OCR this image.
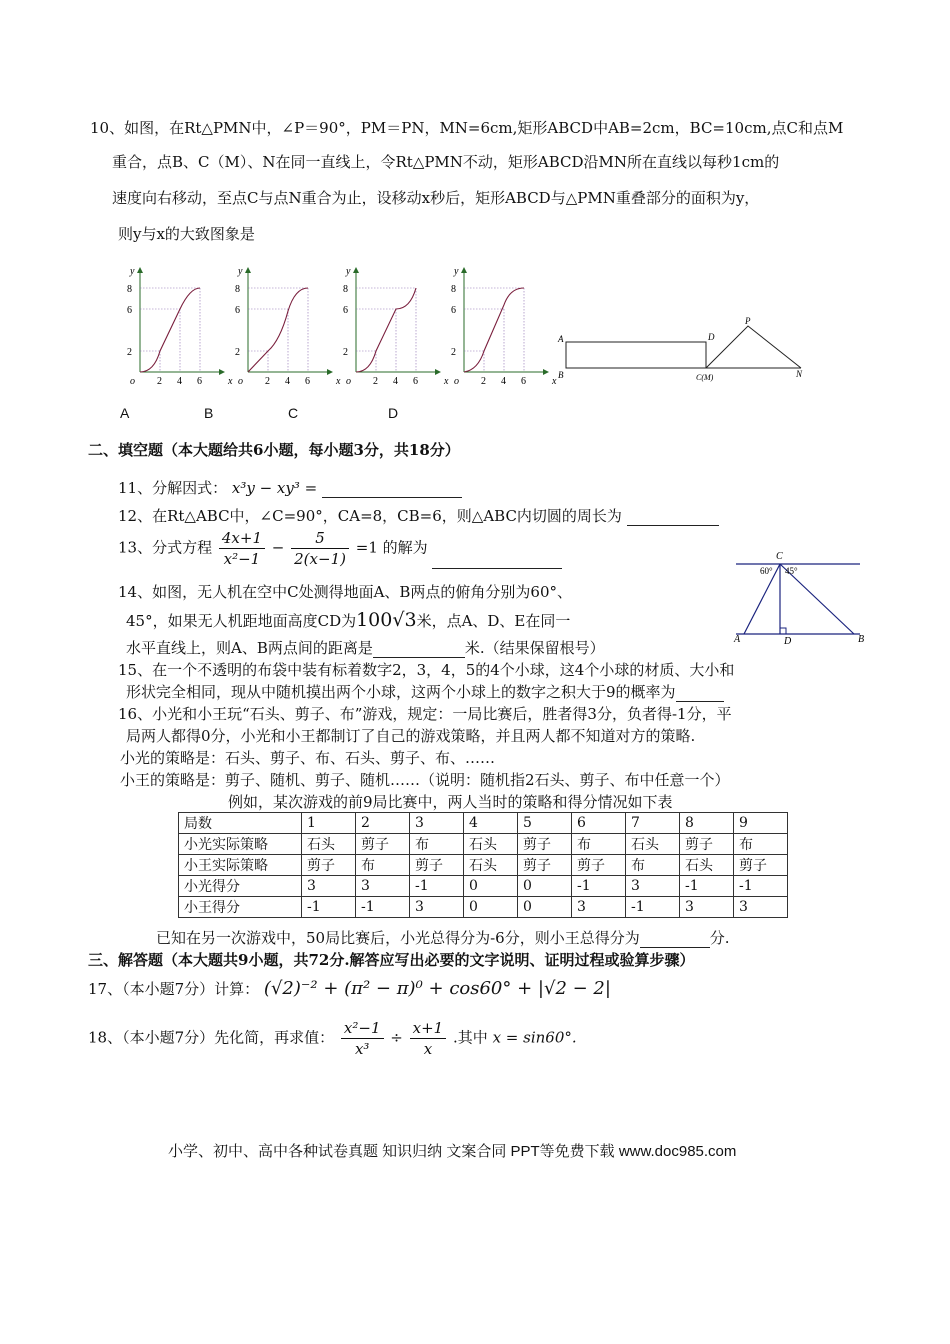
10、如图，在Rt△PMN中，∠P＝90°，PM＝PN，MN=6cm,矩形ABCD中AB=2cm，BC=10cm,点C和点M
重合，点B、C（M）、N在同一直线上，令Rt△PMN不动，矩形ABCD沿MN所在直线以每秒1cm的
速度向右移动，至点C与点N重合为止，设移动x秒后，矩形ABCD与△PMN重叠部分的面积为y，
则y与x的大致图象是
8
6
2
2 4 6
o	x
y
8
6
2
2 4 6
o	x
y
8
6
2
2 4 6
o	x
y
8
6
2
2 4 6
o	x
y
A	B	C	D
A	D
P
B	C(M)	N
二、填空题（本大题给共6小题，每小题3分，共18分）
11、分解因式： x³y − xy³ =
12、在Rt△ABC中，∠C=90°，CA=8，CB=6，则△ABC内切圆的周长为
13、分式方程 $\frac{4x+1}{\text{x²−1}} - \frac{5}{2(x-1)} =1$ 的解为
14、如图，无人机在空中C处测得地面A、B两点的俯角分别为60°、
45°，如果无人机距地面高度CD为100√3米，点A、D、E在同一
水平直线上，则A、B两点间的距离是	米.（结果保留根号）
C
60° 45°
A	D	B
15、在一个不透明的布袋中装有标着数字2，3，4，5的4个小球，这4个小球的材质、大小和
形状完全相同，现从中随机摸出两个小球，这两个小球上的数字之积大于9的概率为
16、小光和小王玩“石头、剪子、布”游戏，规定：一局比赛后，胜者得3分，负者得-1分，平
局两人都得0分，小光和小王都制订了自己的游戏策略，并且两人都不知道对方的策略.
小光的策略是：石头、剪子、布、石头、剪子、布、……
小王的策略是：剪子、随机、剪子、随机……（说明：随机指2石头、剪子、布中任意一个）
例如，某次游戏的前9局比赛中，两人当时的策略和得分情况如下表
局数	1	2	3	4	5	6	7	8	9
小光实际策略	石头	剪子	布	石头	剪子	布	石头	剪子	布
小王实际策略	剪子	布	剪子	石头	剪子	剪子	布	石头	剪子
小光得分	3	3	-1	0	0	-1	3	-1	-1
小王得分	-1	-1	3	0	0	3	-1	3	3
已知在另一次游戏中，50局比赛后，小光总得分为-6分，则小王总得分为	分.
三、解答题（本大题共9小题，共72分.解答应写出必要的文字说明、证明过程或验算步骤）
17、（本小题7分）计算： (√2)⁻² + (π² − π)⁰ + cos60° + |√2 − 2|
18、（本小题7分）先化简，再求值： $\frac{\text{x²−1}}{\text{x³}} \div \frac{x+1}{x}$ .其中 x = sin60°.
小学、初中、高中各种试卷真题 知识归纳 文案合同 PPT等免费下载 www.doc985.com
